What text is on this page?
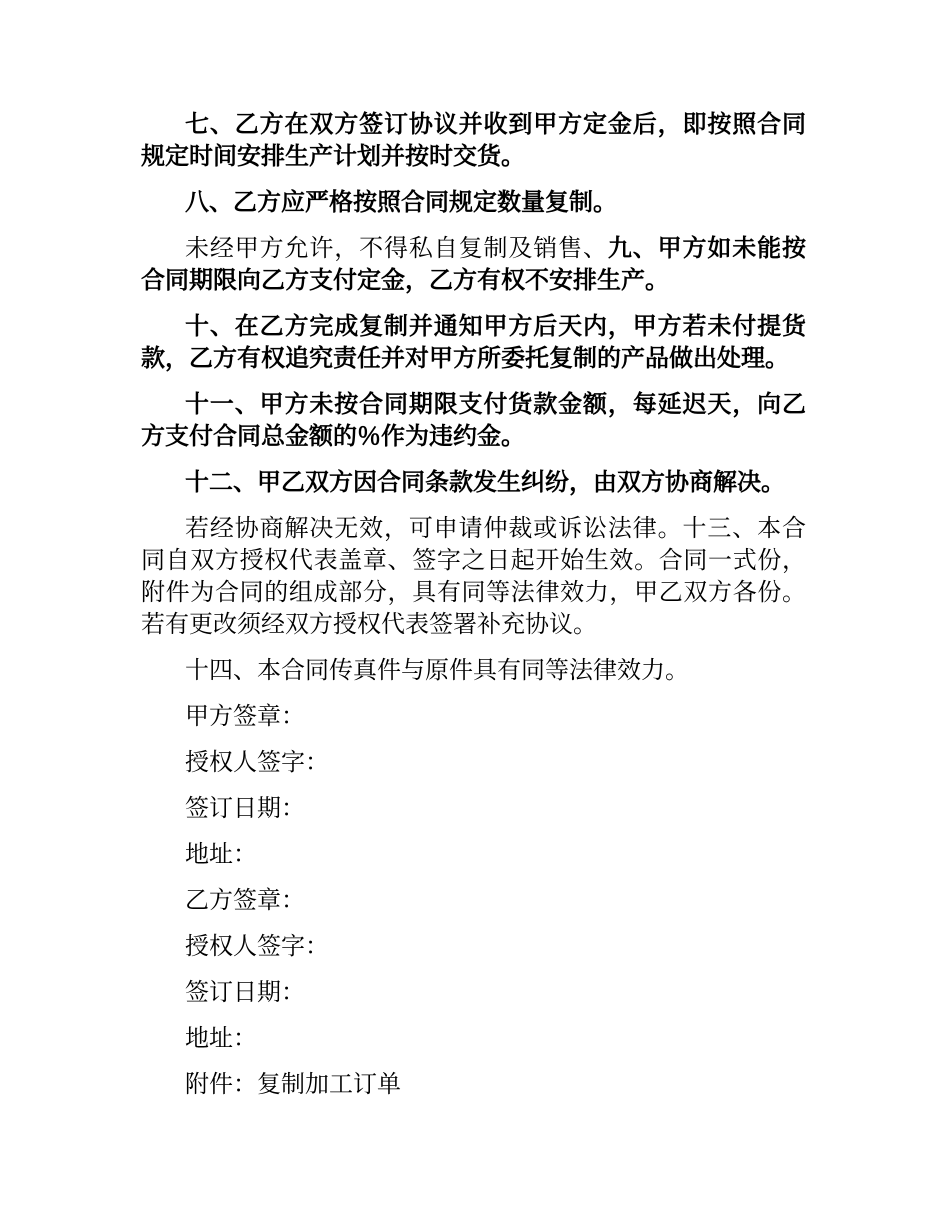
七、乙方在双方签订协议并收到甲方定金后，即按照合同规定时间安排生产计划并按时交货。

八、乙方应严格按照合同规定数量复制。

未经甲方允许，不得私自复制及销售、九、甲方如未能按合同期限向乙方支付定金，乙方有权不安排生产。

十、在乙方完成复制并通知甲方后天内，甲方若未付提货款，乙方有权追究责任并对甲方所委托复制的产品做出处理。

十一、甲方未按合同期限支付货款金额，每延迟天，向乙方支付合同总金额的％作为违约金。

十二、甲乙双方因合同条款发生纠纷，由双方协商解决。

若经协商解决无效，可申请仲裁或诉讼法律。十三、本合同自双方授权代表盖章、签字之日起开始生效。合同一式份，附件为合同的组成部分，具有同等法律效力，甲乙双方各份。若有更改须经双方授权代表签署补充协议。

十四、本合同传真件与原件具有同等法律效力。

甲方签章：
授权人签字：
签订日期：
地址：
乙方签章：
授权人签字：
签订日期：
地址：
附件：复制加工订单
